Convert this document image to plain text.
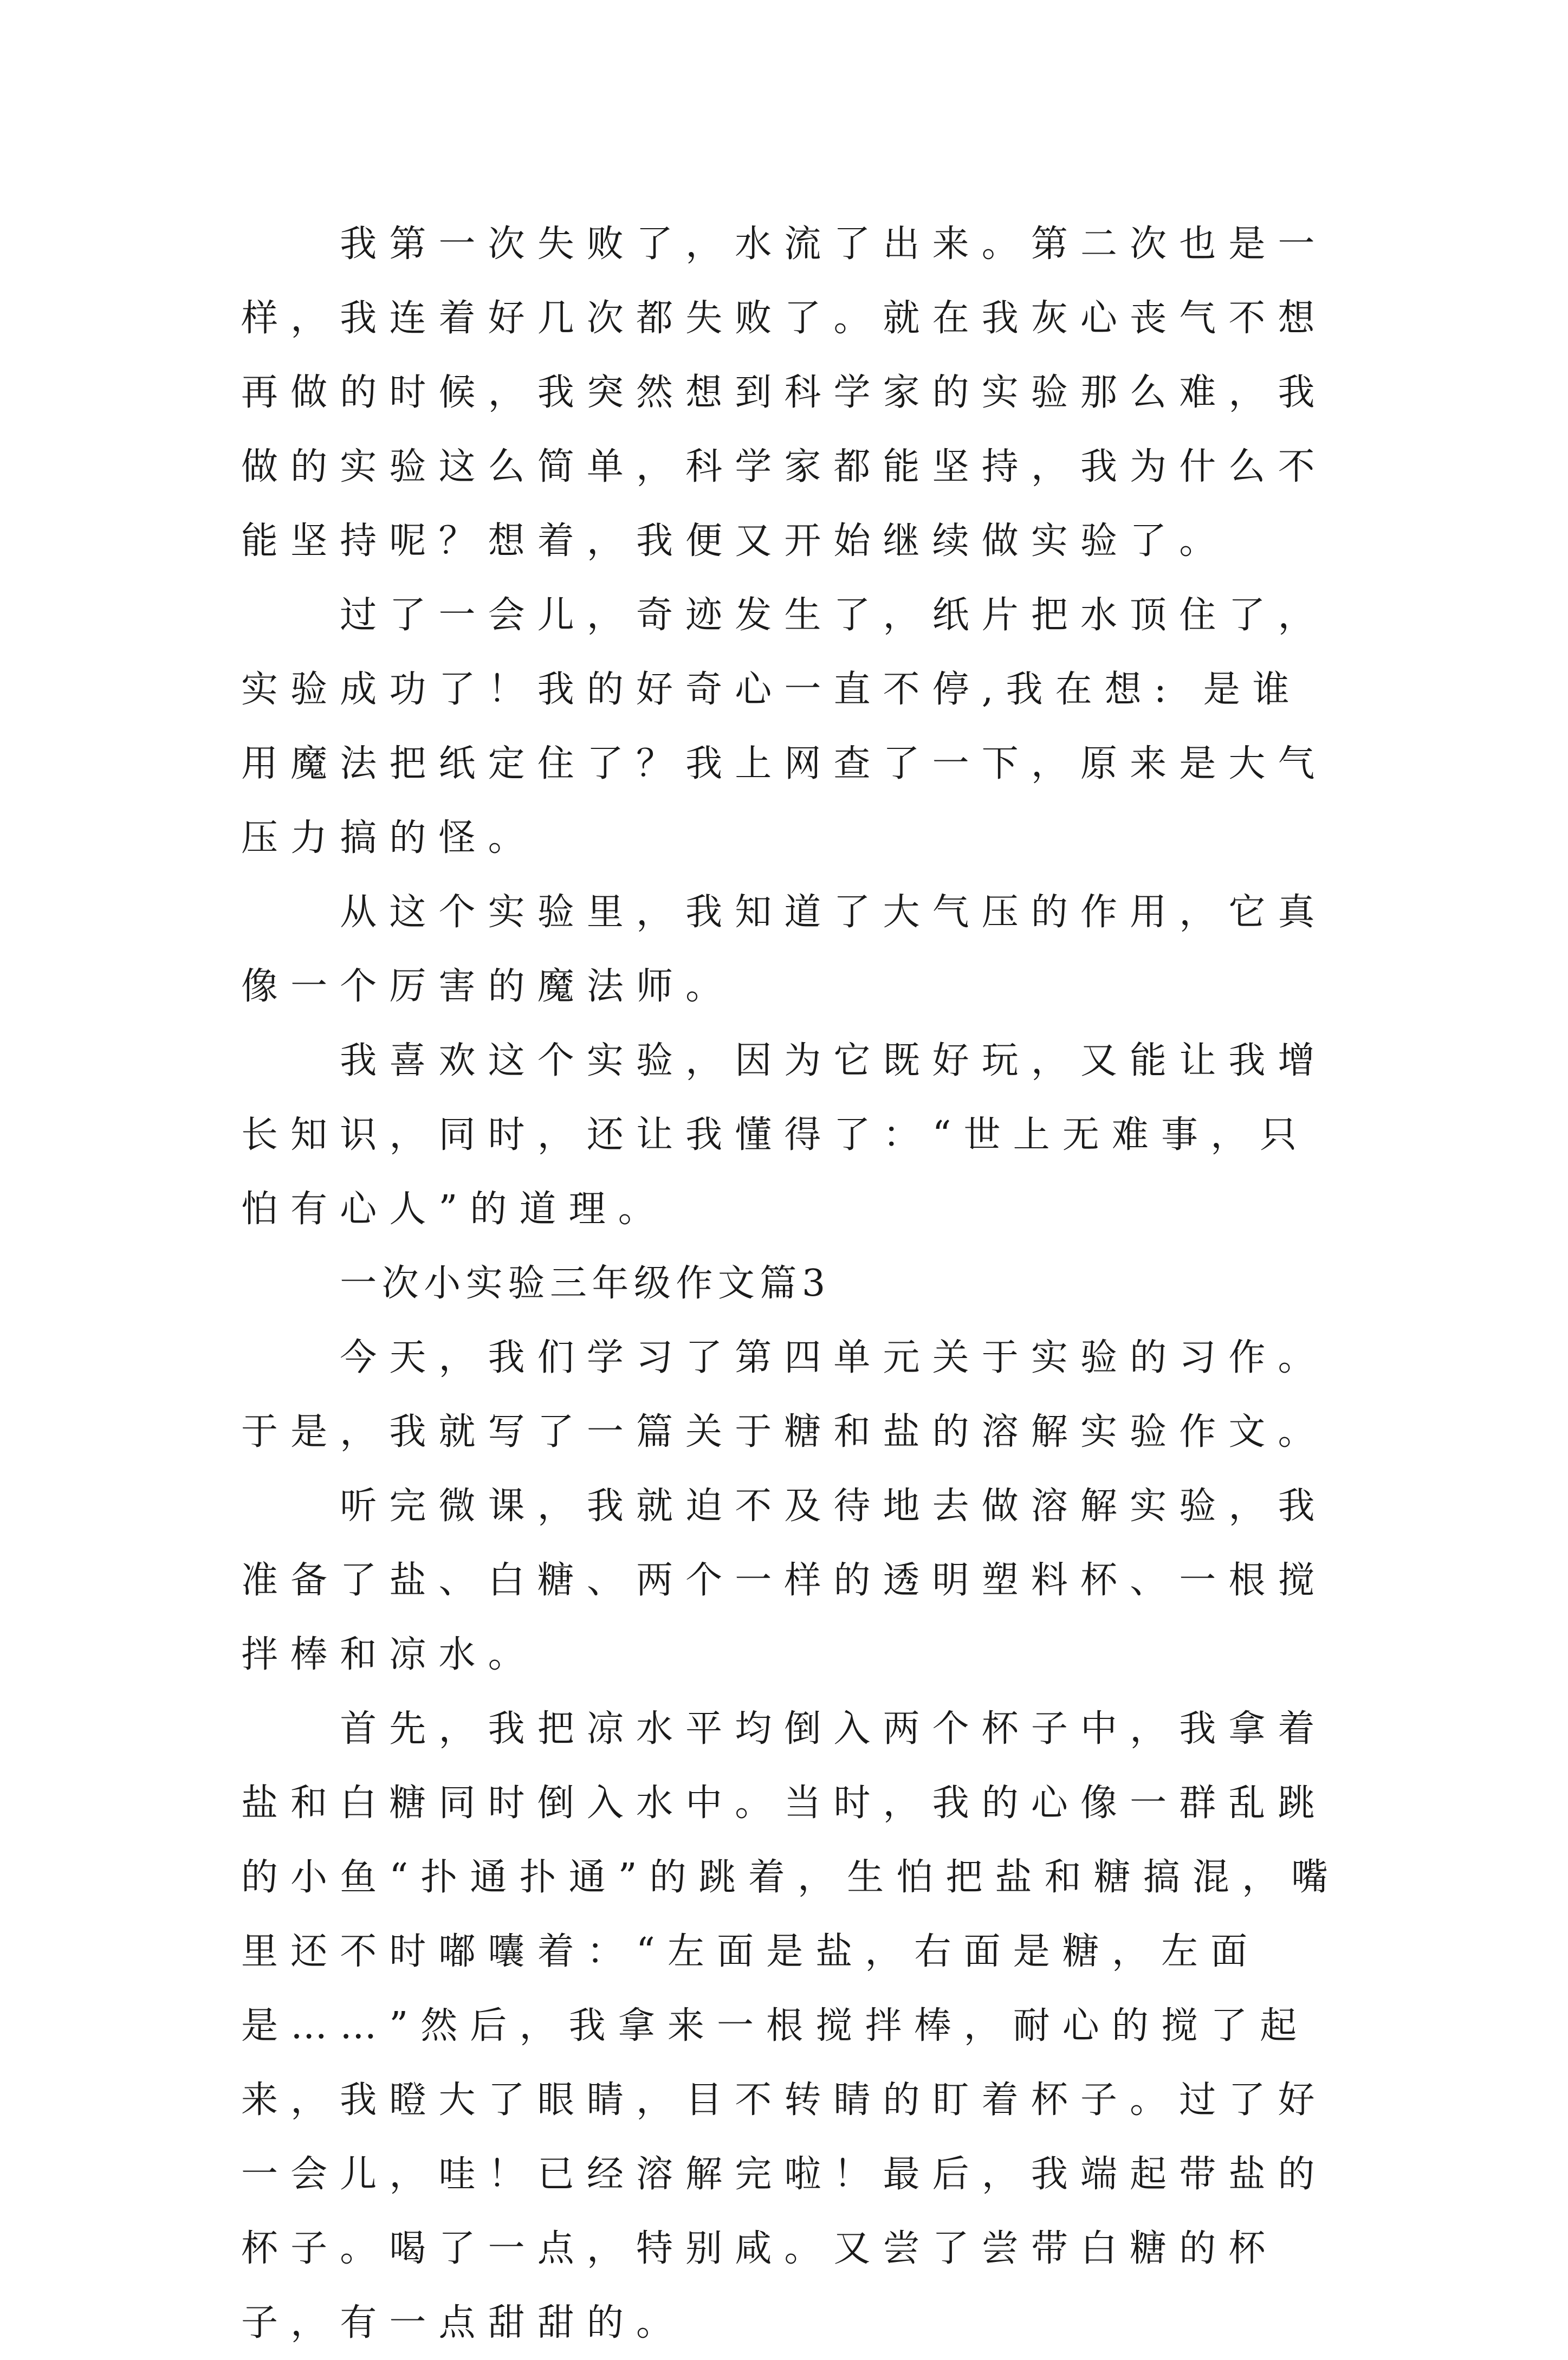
我第一次失败了，水流了出来。第二次也是一样，我连着好几次都失败了。就在我灰心丧气不想再做的时候，我突然想到科学家的实验那么难，我做的实验这么简单，科学家都能坚持，我为什么不能坚持呢？想着，我便又开始继续做实验了。

过了一会儿，奇迹发生了，纸片把水顶住了，实验成功了！我的好奇心一直不停,我在想: 是谁用魔法把纸定住了？我上网查了一下，原来是大气压力搞的怪。

从这个实验里，我知道了大气压的作用，它真像一个厉害的魔法师。

我喜欢这个实验，因为它既好玩，又能让我增长知识，同时，还让我懂得了：“世上无难事，只怕有心人”的道理。

一次小实验三年级作文篇3

今天，我们学习了第四单元关于实验的习作。于是，我就写了一篇关于糖和盐的溶解实验作文。

听完微课，我就迫不及待地去做溶解实验，我准备了盐、白糖、两个一样的透明塑料杯、一根搅拌棒和凉水。

首先，我把凉水平均倒入两个杯子中，我拿着盐和白糖同时倒入水中。当时，我的心像一群乱跳的小鱼“扑通扑通”的跳着，生怕把盐和糖搞混，嘴里还不时嘟囔着：“左面是盐，右面是糖，左面是……”然后，我拿来一根搅拌棒，耐心的搅了起来，我瞪大了眼睛，目不转睛的盯着杯子。过了好一会儿，哇！已经溶解完啦！最后，我端起带盐的杯子。喝了一点，特别咸。又尝了尝带白糖的杯子，有一点甜甜的。
